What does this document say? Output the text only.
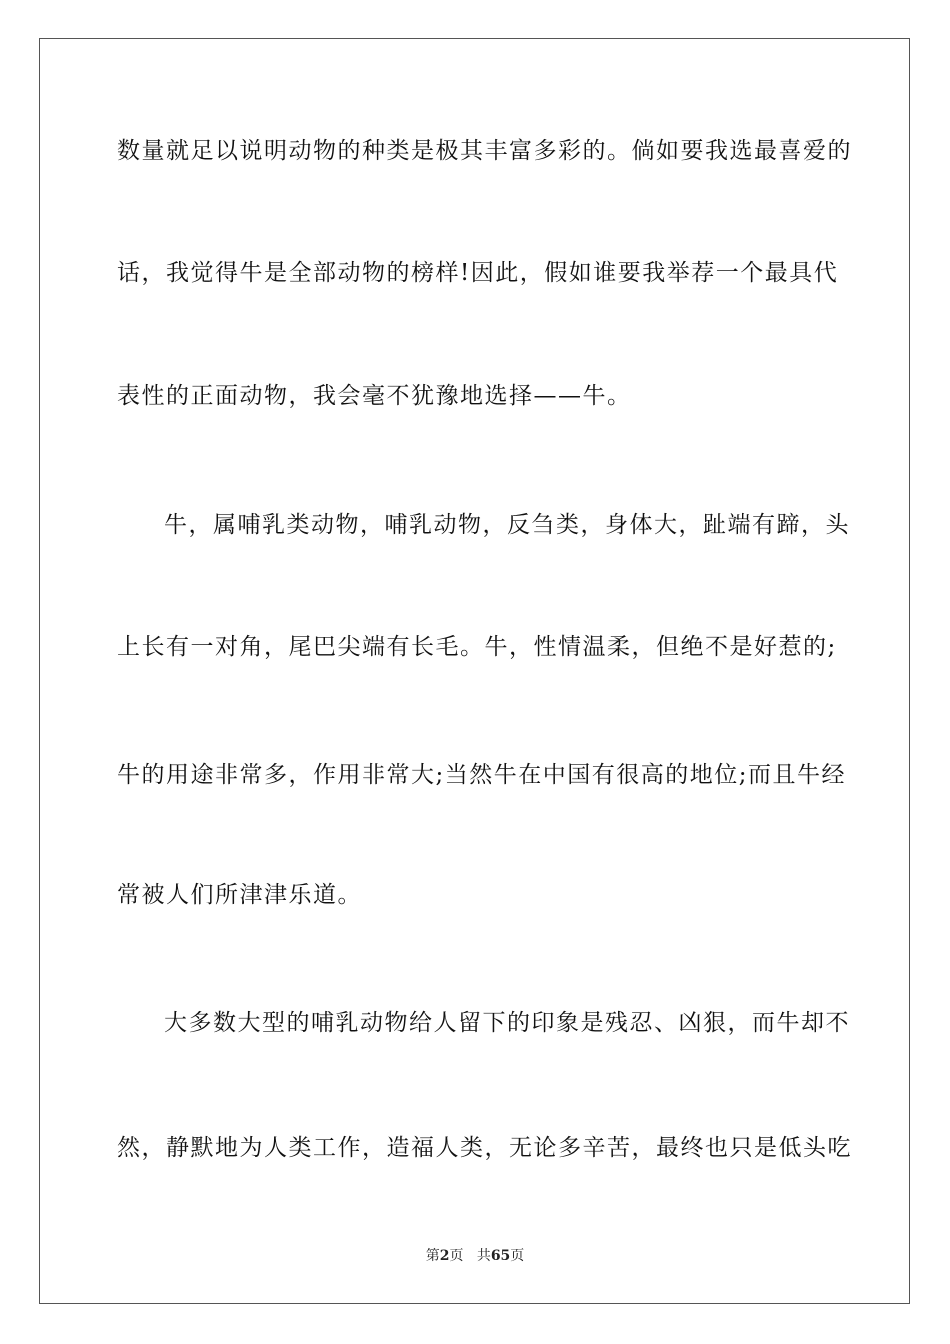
数量就足以说明动物的种类是极其丰富多彩的。倘如要我选最喜爱的
话，我觉得牛是全部动物的榜样!因此，假如谁要我举荐一个最具代
表性的正面动物，我会毫不犹豫地选择——牛。
牛，属哺乳类动物，哺乳动物，反刍类，身体大，趾端有蹄，头
上长有一对角，尾巴尖端有长毛。牛，性情温柔，但绝不是好惹的;
牛的用途非常多，作用非常大;当然牛在中国有很高的地位;而且牛经
常被人们所津津乐道。
大多数大型的哺乳动物给人留下的印象是残忍、凶狠，而牛却不
然，静默地为人类工作，造福人类，无论多辛苦，最终也只是低头吃
第2页 共65页
